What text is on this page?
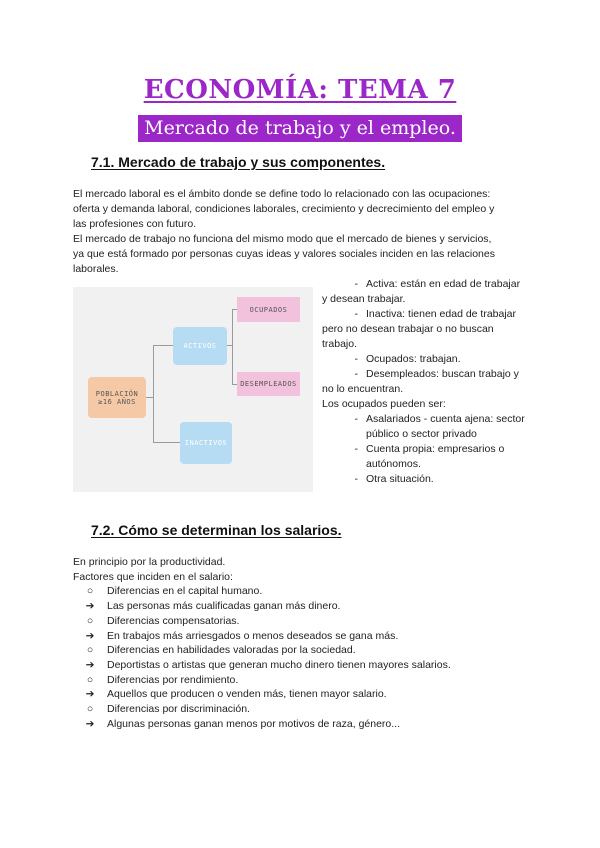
ECONOMÍA: TEMA 7
Mercado de trabajo y el empleo.
7.1. Mercado de trabajo y sus componentes.
El mercado laboral es el ámbito donde se define todo lo relacionado con las ocupaciones:
oferta y demanda laboral, condiciones laborales, crecimiento y decrecimiento del empleo y
las profesiones con futuro.
El mercado de trabajo no funciona del mismo modo que el mercado de bienes y servicios,
ya que está formado por personas cuyas ideas y valores sociales inciden en las relaciones
laborales.
POBLACIÓN
≥16 AÑOS
ACTIVOS
INACTIVOS
OCUPADOS
DESEMPLEADOS
- Activa: están en edad de trabajar
y desean trabajar.
- Inactiva: tienen edad de trabajar
pero no desean trabajar o no buscan
trabajo.
- Ocupados: trabajan.
- Desempleados: buscan trabajo y
no lo encuentran.
Los ocupados pueden ser:
- Asalariados - cuenta ajena: sector
público o sector privado
- Cuenta propia: empresarios o
autónomos.
- Otra situación.
7.2. Cómo se determinan los salarios.
En principio por la productividad.
Factores que inciden en el salario:
○ Diferencias en el capital humano.
➔ Las personas más cualificadas ganan más dinero.
○ Diferencias compensatorias.
➔ En trabajos más arriesgados o menos deseados se gana más.
○ Diferencias en habilidades valoradas por la sociedad.
➔ Deportistas o artistas que generan mucho dinero tienen mayores salarios.
○ Diferencias por rendimiento.
➔ Aquellos que producen o venden más, tienen mayor salario.
○ Diferencias por discriminación.
➔ Algunas personas ganan menos por motivos de raza, género...
